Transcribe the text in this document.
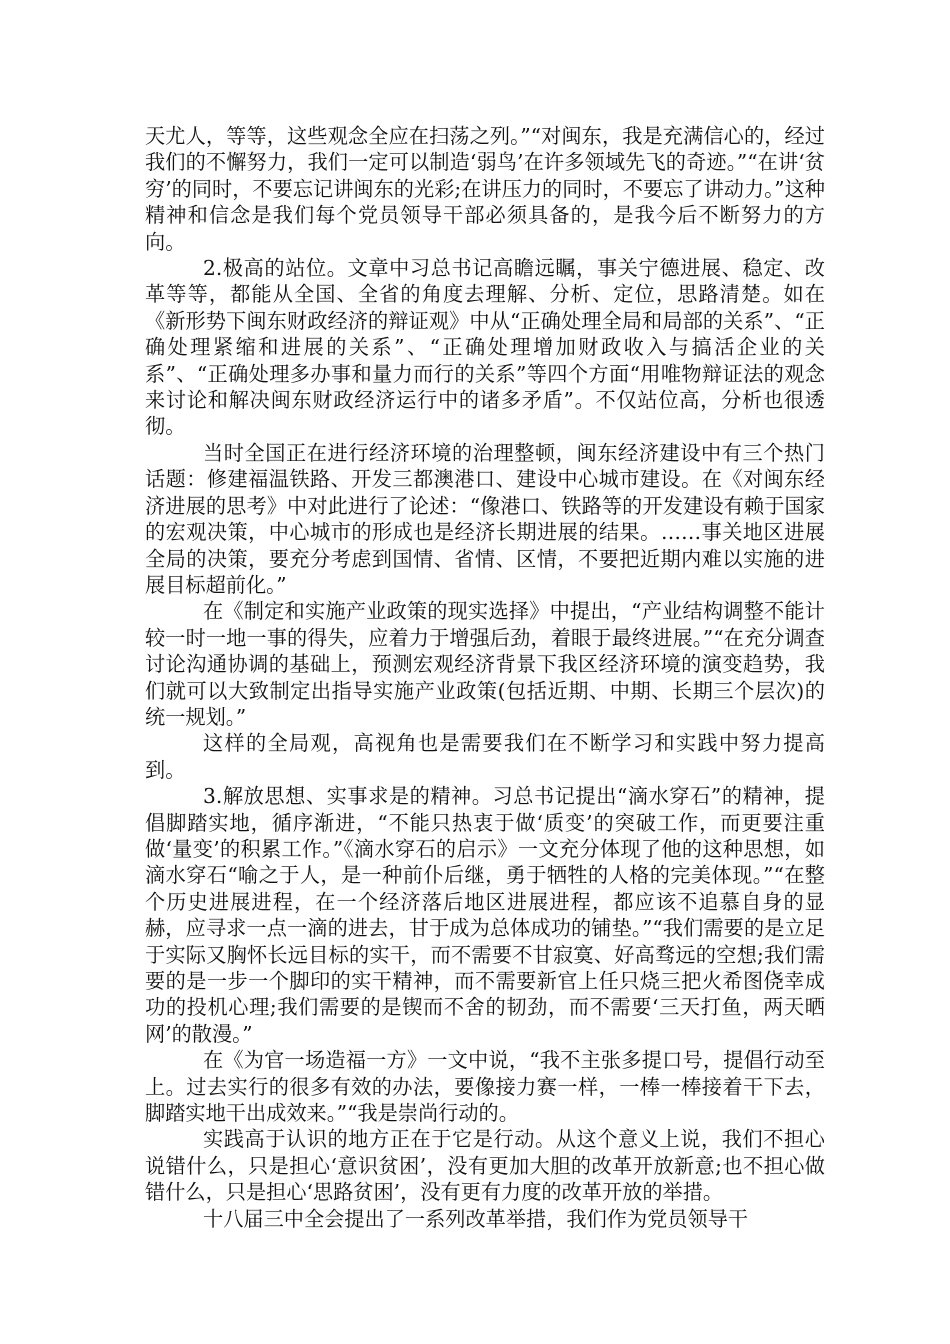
天尤人，等等，这些观念全应在扫荡之列。”“对闽东，我是充满信心的，经过我们的不懈努力，我们一定可以制造‘弱鸟’在许多领域先飞的奇迹。”“在讲‘贫穷’的同时，不要忘记讲闽东的光彩;在讲压力的同时，不要忘了讲动力。”这种精神和信念是我们每个党员领导干部必须具备的，是我今后不断努力的方向。

2.极高的站位。文章中习总书记高瞻远瞩，事关宁德进展、稳定、改革等等，都能从全国、全省的角度去理解、分析、定位，思路清楚。如在《新形势下闽东财政经济的辩证观》中从“正确处理全局和局部的关系”、“正确处理紧缩和进展的关系”、“正确处理增加财政收入与搞活企业的关系”、“正确处理多办事和量力而行的关系”等四个方面“用唯物辩证法的观念来讨论和解决闽东财政经济运行中的诸多矛盾”。不仅站位高，分析也很透彻。

当时全国正在进行经济环境的治理整顿，闽东经济建设中有三个热门话题：修建福温铁路、开发三都澳港口、建设中心城市建设。在《对闽东经济进展的思考》中对此进行了论述：“像港口、铁路等的开发建设有赖于国家的宏观决策，中心城市的形成也是经济长期进展的结果。……事关地区进展全局的决策，要充分考虑到国情、省情、区情，不要把近期内难以实施的进展目标超前化。”

在《制定和实施产业政策的现实选择》中提出，“产业结构调整不能计较一时一地一事的得失，应着力于增强后劲，着眼于最终进展。”“在充分调查讨论沟通协调的基础上，预测宏观经济背景下我区经济环境的演变趋势，我们就可以大致制定出指导实施产业政策(包括近期、中期、长期三个层次)的统一规划。”

这样的全局观，高视角也是需要我们在不断学习和实践中努力提高到。

3.解放思想、实事求是的精神。习总书记提出“滴水穿石”的精神，提倡脚踏实地，循序渐进，“不能只热衷于做‘质变’的突破工作，而更要注重做‘量变’的积累工作。”《滴水穿石的启示》一文充分体现了他的这种思想，如滴水穿石“喻之于人，是一种前仆后继，勇于牺牲的人格的完美体现。”“在整个历史进展进程，在一个经济落后地区进展进程，都应该不追慕自身的显赫，应寻求一点一滴的进去，甘于成为总体成功的铺垫。”“我们需要的是立足于实际又胸怀长远目标的实干，而不需要不甘寂寞、好高骛远的空想;我们需要的是一步一个脚印的实干精神，而不需要新官上任只烧三把火希图侥幸成功的投机心理;我们需要的是锲而不舍的韧劲，而不需要‘三天打鱼，两天晒网’的散漫。”

在《为官一场造福一方》一文中说，“我不主张多提口号，提倡行动至上。过去实行的很多有效的办法，要像接力赛一样，一棒一棒接着干下去，脚踏实地干出成效来。”“我是崇尚行动的。

实践高于认识的地方正在于它是行动。从这个意义上说，我们不担心说错什么，只是担心‘意识贫困’，没有更加大胆的改革开放新意;也不担心做错什么，只是担心‘思路贫困’，没有更有力度的改革开放的举措。

十八届三中全会提出了一系列改革举措，我们作为党员领导干
